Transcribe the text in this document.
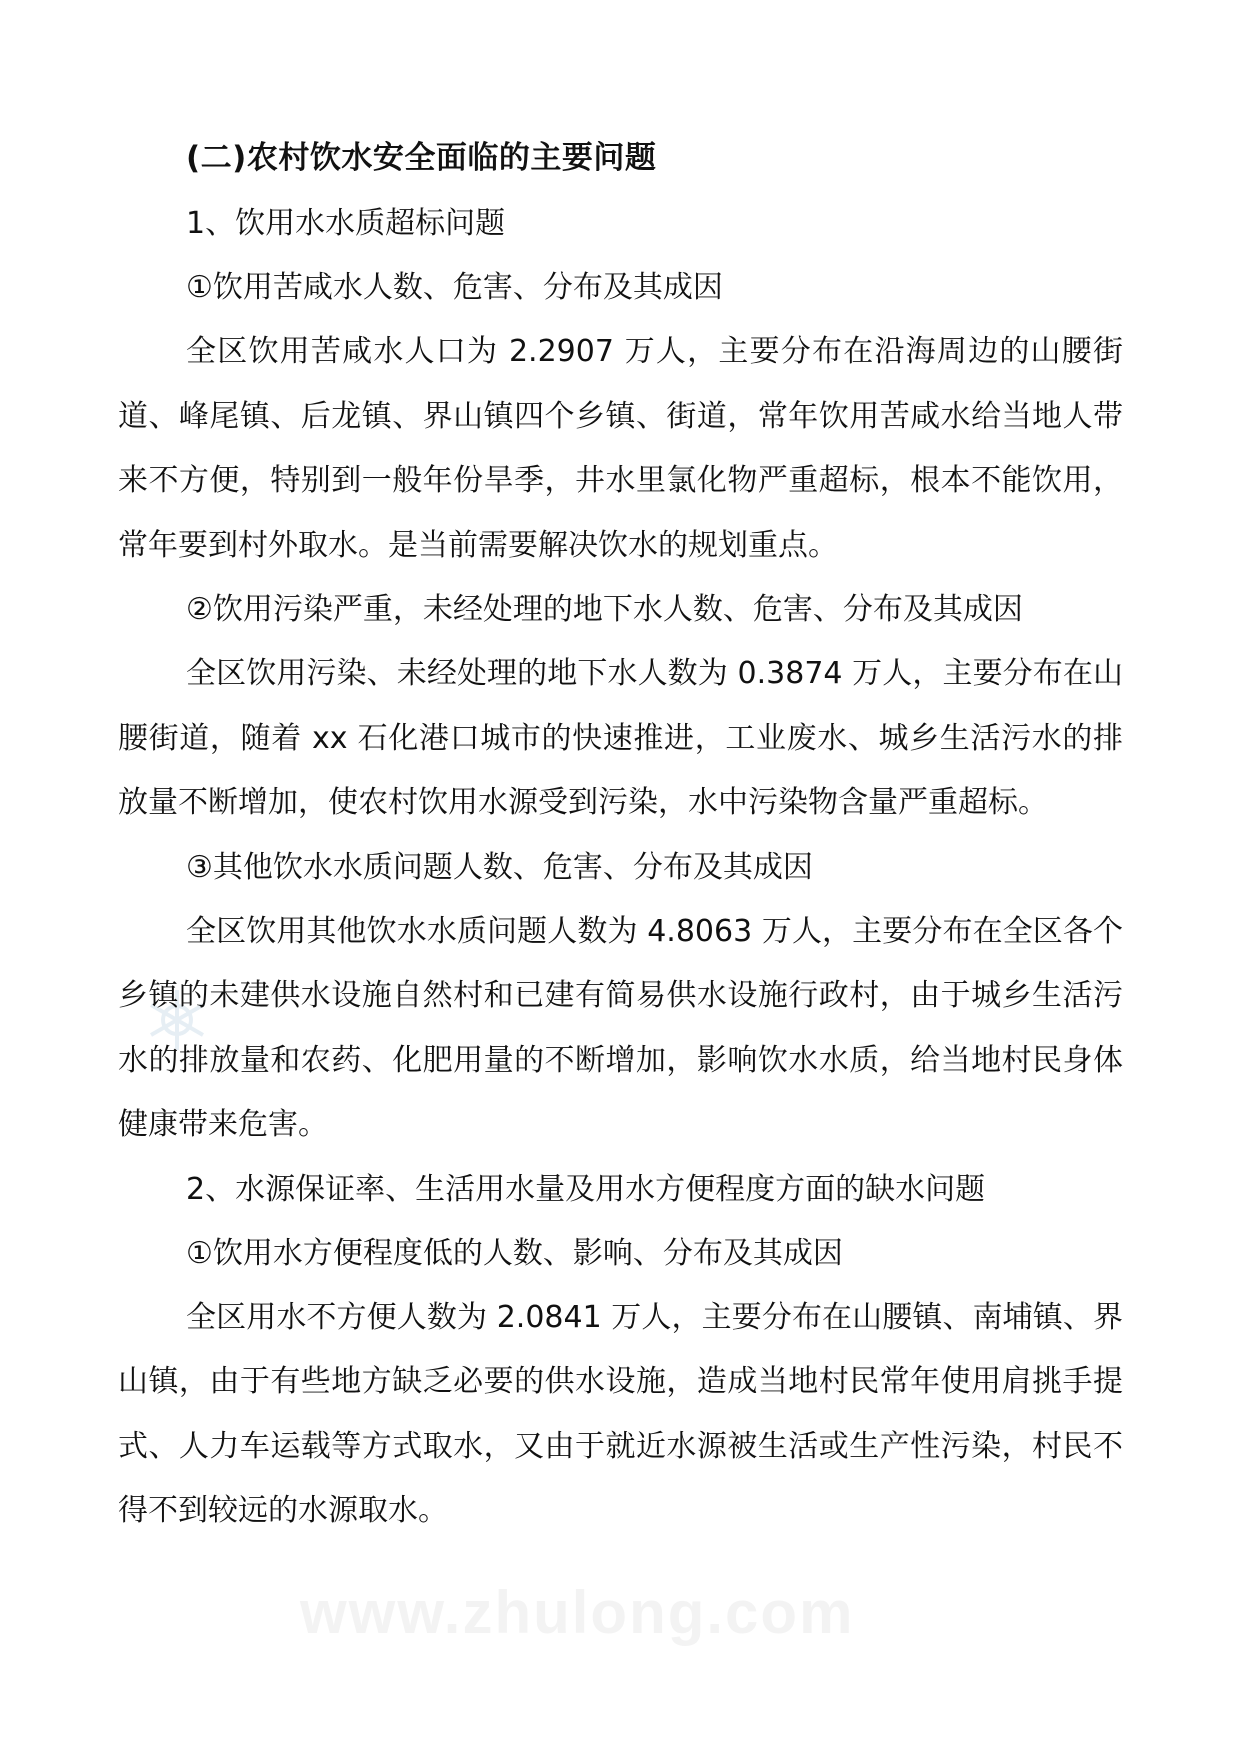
(二)农村饮水安全面临的主要问题

1、饮用水水质超标问题

①饮用苦咸水人数、危害、分布及其成因

全区饮用苦咸水人口为 2.2907 万人，主要分布在沿海周边的山腰街道、峰尾镇、后龙镇、界山镇四个乡镇、街道，常年饮用苦咸水给当地人带来不方便，特别到一般年份旱季，井水里氯化物严重超标，根本不能饮用，常年要到村外取水。是当前需要解决饮水的规划重点。

②饮用污染严重，未经处理的地下水人数、危害、分布及其成因

全区饮用污染、未经处理的地下水人数为 0.3874 万人，主要分布在山腰街道，随着 xx 石化港口城市的快速推进，工业废水、城乡生活污水的排放量不断增加，使农村饮用水源受到污染，水中污染物含量严重超标。

③其他饮水水质问题人数、危害、分布及其成因

全区饮用其他饮水水质问题人数为 4.8063 万人，主要分布在全区各个乡镇的未建供水设施自然村和已建有简易供水设施行政村，由于城乡生活污水的排放量和农药、化肥用量的不断增加，影响饮水水质，给当地村民身体健康带来危害。

2、水源保证率、生活用水量及用水方便程度方面的缺水问题

①饮用水方便程度低的人数、影响、分布及其成因

全区用水不方便人数为 2.0841 万人，主要分布在山腰镇、南埔镇、界山镇，由于有些地方缺乏必要的供水设施，造成当地村民常年使用肩挑手提式、人力车运载等方式取水，又由于就近水源被生活或生产性污染，村民不得不到较远的水源取水。

www.zhulong.com
